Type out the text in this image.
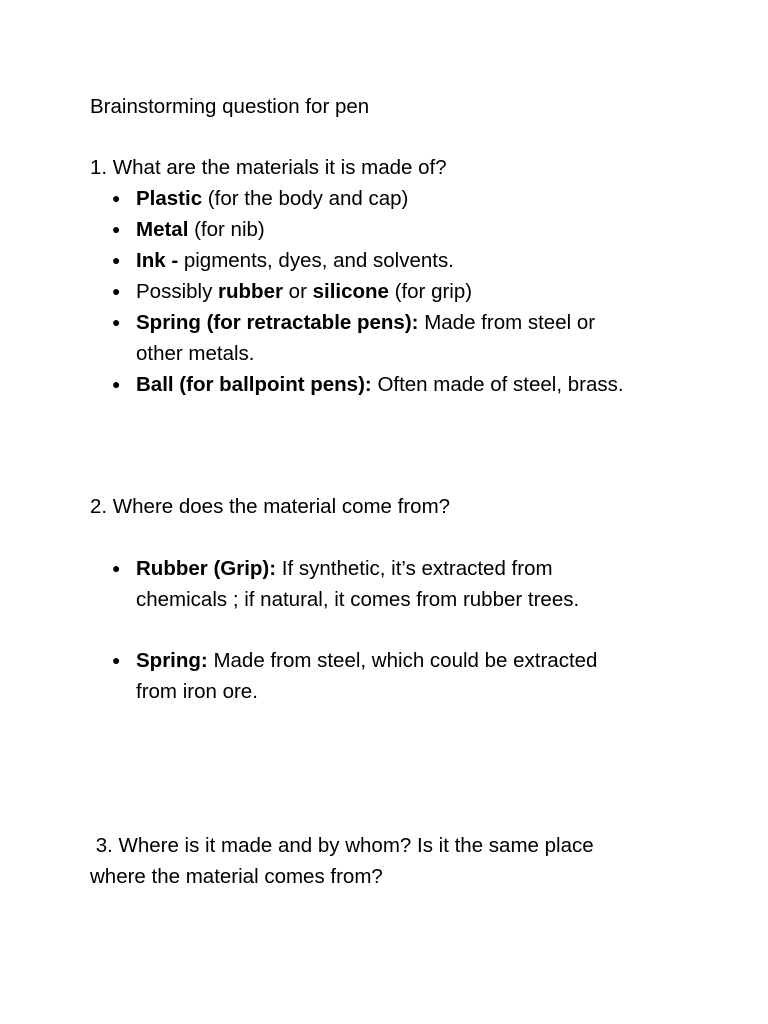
Brainstorming question for pen
1. What are the materials it is made of?
● Plastic (for the body and cap)
● Metal (for nib)
● Ink - pigments, dyes, and solvents.
● Possibly rubber or silicone (for grip)
● Spring (for retractable pens): Made from steel or
other metals.
● Ball (for ballpoint pens): Often made of steel, brass.
2. Where does the material come from?
● Rubber (Grip): If synthetic, it’s extracted from
chemicals ; if natural, it comes from rubber trees.
● Spring: Made from steel, which could be extracted
from iron ore.
3. Where is it made and by whom? Is it the same place
where the material comes from?
